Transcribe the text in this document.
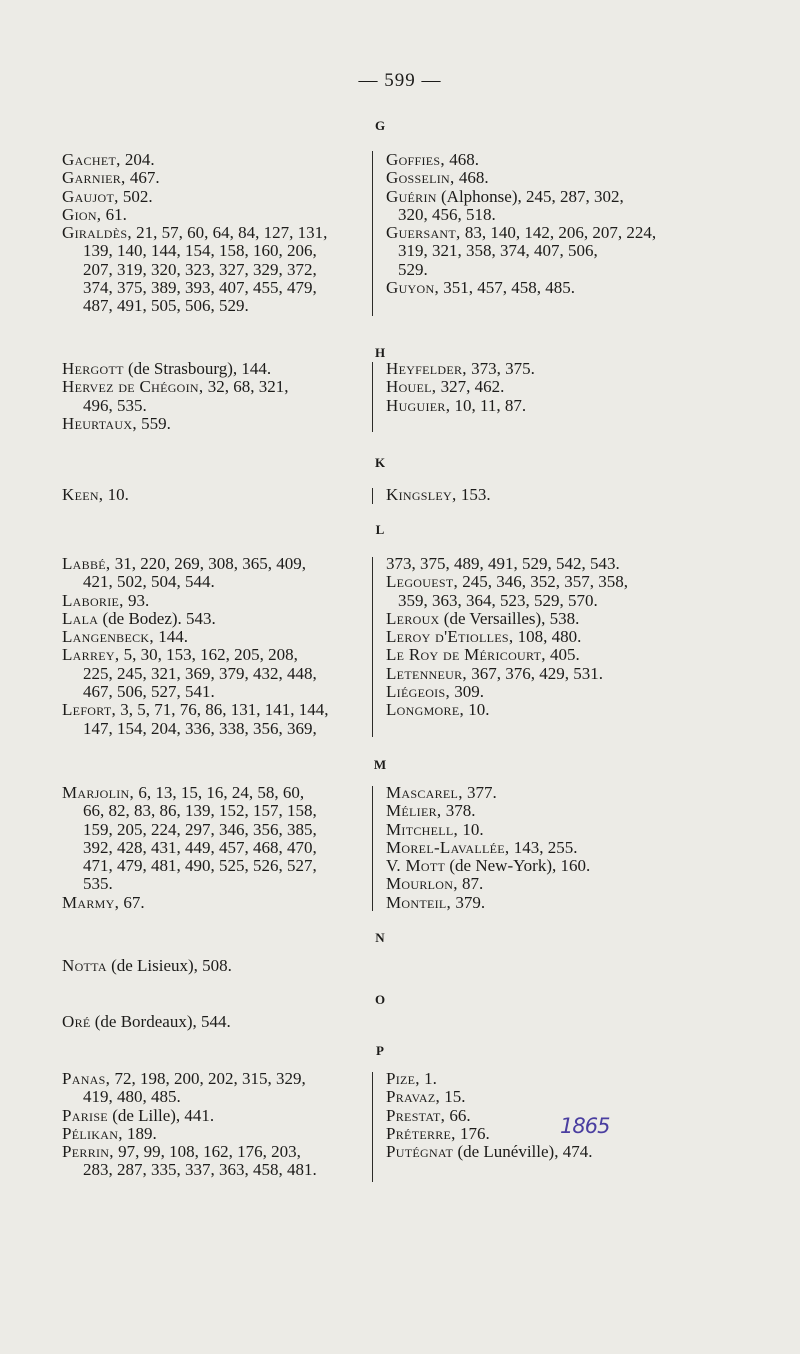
— 599 —
G
Gachet, 204.
Garnier, 467.
Gaujot, 502.
Gion, 61.
Giraldès, 21, 57, 60, 64, 84, 127, 131,
139, 140, 144, 154, 158, 160, 206,
207, 319, 320, 323, 327, 329, 372,
374, 375, 389, 393, 407, 455, 479,
487, 491, 505, 506, 529.
Goffies, 468.
Gosselin, 468.
Guérin (Alphonse), 245, 287, 302,
320, 456, 518.
Guersant, 83, 140, 142, 206, 207, 224,
319, 321, 358, 374, 407, 506,
529.
Guyon, 351, 457, 458, 485.
H
Hergott (de Strasbourg), 144.
Hervez de Chégoin, 32, 68, 321,
496, 535.
Heurtaux, 559.
Heyfelder, 373, 375.
Houel, 327, 462.
Huguier, 10, 11, 87.
K
Keen, 10.	Kingsley, 153.
L
Labbé, 31, 220, 269, 308, 365, 409,
421, 502, 504, 544.
Laborie, 93.
Lala (de Bodez). 543.
Langenbeck, 144.
Larrey, 5, 30, 153, 162, 205, 208,
225, 245, 321, 369, 379, 432, 448,
467, 506, 527, 541.
Lefort, 3, 5, 71, 76, 86, 131, 141, 144,
147, 154, 204, 336, 338, 356, 369,
373, 375, 489, 491, 529, 542, 543.
Legouest, 245, 346, 352, 357, 358,
359, 363, 364, 523, 529, 570.
Leroux (de Versailles), 538.
Leroy d'Etiolles, 108, 480.
Le Roy de Méricourt, 405.
Letenneur, 367, 376, 429, 531.
Liégeois, 309.
Longmore, 10.
M
Marjolin, 6, 13, 15, 16, 24, 58, 60,
66, 82, 83, 86, 139, 152, 157, 158,
159, 205, 224, 297, 346, 356, 385,
392, 428, 431, 449, 457, 468, 470,
471, 479, 481, 490, 525, 526, 527,
535.
Marmy, 67.
Mascarel, 377.
Mélier, 378.
Mitchell, 10.
Morel-Lavallée, 143, 255.
V. Mott (de New-York), 160.
Mourlon, 87.
Monteil, 379.
N
Notta (de Lisieux), 508.
O
Oré (de Bordeaux), 544.
P
Panas, 72, 198, 200, 202, 315, 329,
419, 480, 485.
Parise (de Lille), 441.
Pélikan, 189.
Perrin, 97, 99, 108, 162, 176, 203,
283, 287, 335, 337, 363, 458, 481.
Pize, 1.
Pravaz, 15.
Prestat, 66.
Préterre, 176.
Putégnat (de Lunéville), 474.
1865
